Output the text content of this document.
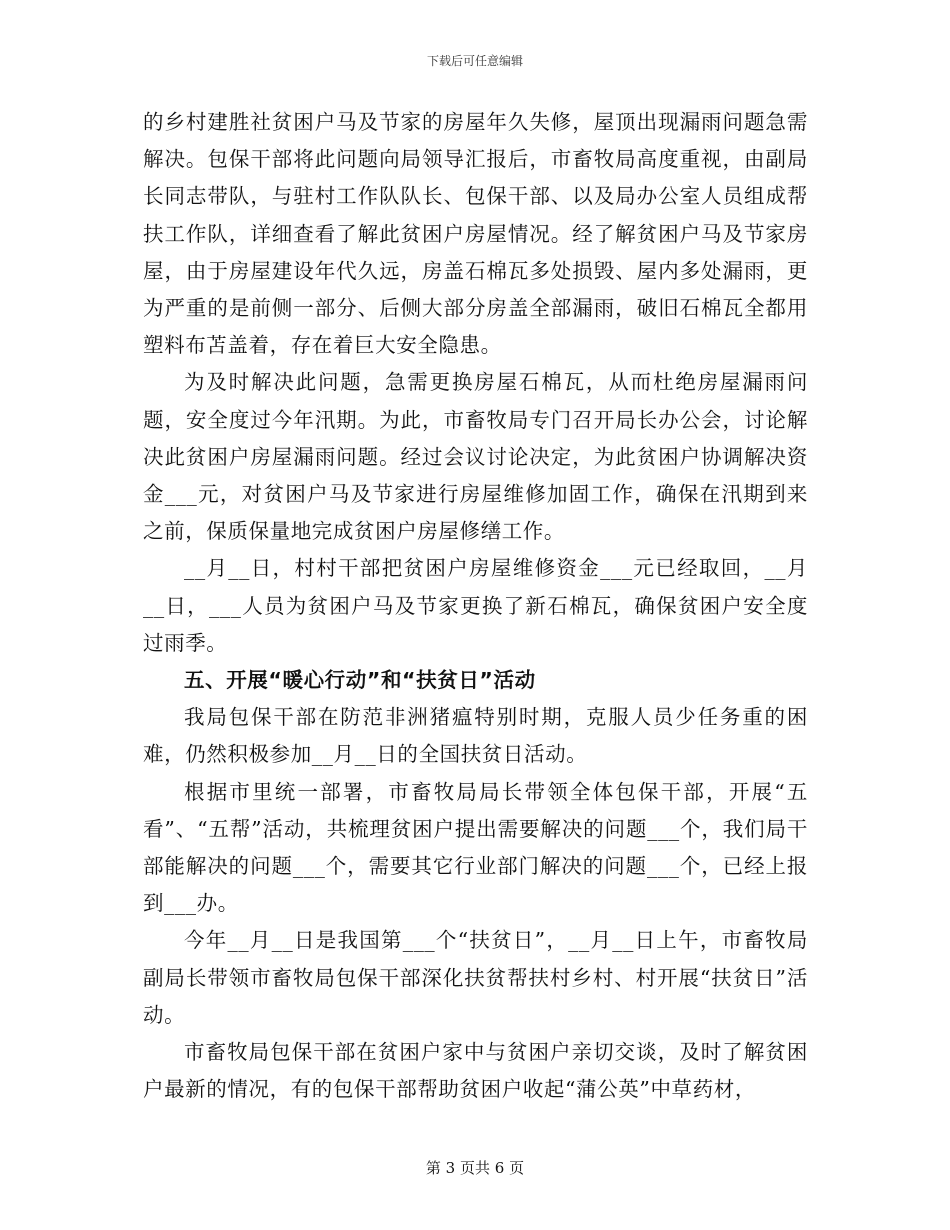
下载后可任意编辑

的乡村建胜社贫困户马及节家的房屋年久失修，屋顶出现漏雨问题急需解决。包保干部将此问题向局领导汇报后，市畜牧局高度重视，由副局长同志带队，与驻村工作队队长、包保干部、以及局办公室人员组成帮扶工作队，详细查看了解此贫困户房屋情况。经了解贫困户马及节家房屋，由于房屋建设年代久远，房盖石棉瓦多处损毁、屋内多处漏雨，更为严重的是前侧一部分、后侧大部分房盖全部漏雨，破旧石棉瓦全都用塑料布苫盖着，存在着巨大安全隐患。

为及时解决此问题，急需更换房屋石棉瓦，从而杜绝房屋漏雨问题，安全度过今年汛期。为此，市畜牧局专门召开局长办公会，讨论解决此贫困户房屋漏雨问题。经过会议讨论决定，为此贫困户协调解决资金___元，对贫困户马及节家进行房屋维修加固工作，确保在汛期到来之前，保质保量地完成贫困户房屋修缮工作。

__月__日，村村干部把贫困户房屋维修资金___元已经取回，__月__日，___人员为贫困户马及节家更换了新石棉瓦，确保贫困户安全度过雨季。

五、开展“暖心行动”和“扶贫日”活动

我局包保干部在防范非洲猪瘟特别时期，克服人员少任务重的困难，仍然积极参加__月__日的全国扶贫日活动。

根据市里统一部署，市畜牧局局长带领全体包保干部，开展“五看”、“五帮”活动，共梳理贫困户提出需要解决的问题___个，我们局干部能解决的问题___个，需要其它行业部门解决的问题___个，已经上报到___办。

今年__月__日是我国第___个“扶贫日”，__月__日上午，市畜牧局副局长带领市畜牧局包保干部深化扶贫帮扶村乡村、村开展“扶贫日”活动。

市畜牧局包保干部在贫困户家中与贫困户亲切交谈，及时了解贫困户最新的情况，有的包保干部帮助贫困户收起“蒲公英”中草药材，

第 3 页共 6 页
